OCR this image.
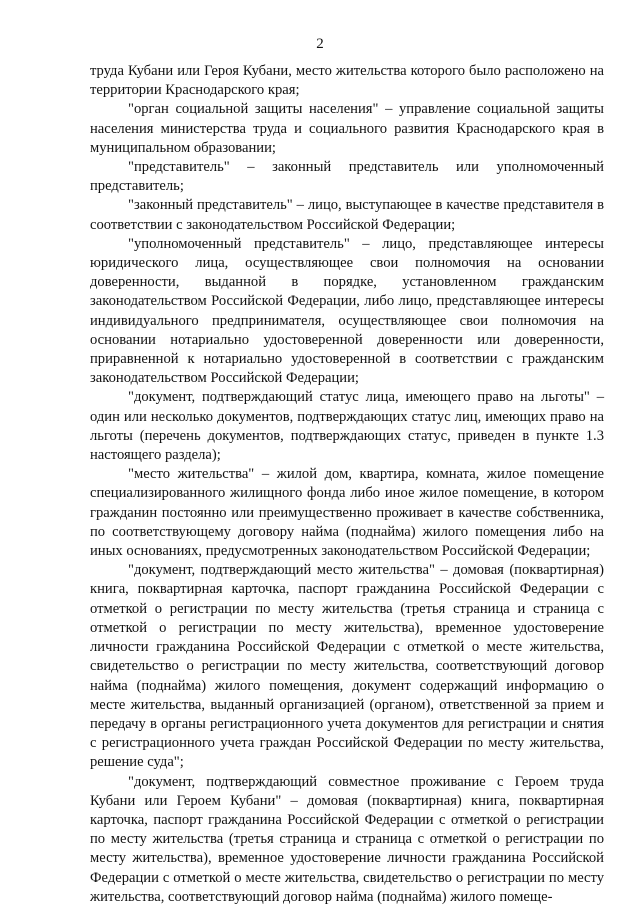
2

труда Кубани или Героя Кубани, место жительства которого было расположено на территории Краснодарского края;

"орган социальной защиты населения" – управление социальной защиты населения министерства труда и социального развития Краснодарского края в муниципальном образовании;

"представитель" – законный представитель или уполномоченный представитель;

"законный представитель" – лицо, выступающее в качестве представителя в соответствии с законодательством Российской Федерации;

"уполномоченный представитель" – лицо, представляющее интересы юридического лица, осуществляющее свои полномочия на основании доверенности, выданной в порядке, установленном гражданским законодательством Российской Федерации, либо лицо, представляющее интересы индивидуального предпринимателя, осуществляющее свои полномочия на основании нотариально удостоверенной доверенности или доверенности, приравненной к нотариально удостоверенной в соответствии с гражданским законодательством Российской Федерации;

"документ, подтверждающий статус лица, имеющего право на льготы" – один или несколько документов, подтверждающих статус лиц, имеющих право на льготы (перечень документов, подтверждающих статус, приведен в пункте 1.3 настоящего раздела);

"место жительства" – жилой дом, квартира, комната, жилое помещение специализированного жилищного фонда либо иное жилое помещение, в котором гражданин постоянно или преимущественно проживает в качестве собственника, по соответствующему договору найма (поднайма) жилого помещения либо на иных основаниях, предусмотренных законодательством Российской Федерации;

"документ, подтверждающий место жительства" – домовая (поквартирная) книга, поквартирная карточка, паспорт гражданина Российской Федерации с отметкой о регистрации по месту жительства (третья страница и страница с отметкой о регистрации по месту жительства), временное удостоверение личности гражданина Российской Федерации с отметкой о месте жительства, свидетельство о регистрации по месту жительства, соответствующий договор найма (поднайма) жилого помещения, документ содержащий информацию о месте жительства, выданный организацией (органом), ответственной за прием и передачу в органы регистрационного учета документов для регистрации и снятия с регистрационного учета граждан Российской Федерации по месту жительства, решение суда";

"документ, подтверждающий совместное проживание с Героем труда Кубани или Героем Кубани" – домовая (поквартирная) книга, поквартирная карточка, паспорт гражданина Российской Федерации с отметкой о регистрации по месту жительства (третья страница и страница с отметкой о регистрации по месту жительства), временное удостоверение личности гражданина Российской Федерации с отметкой о месте жительства, свидетельство о регистрации по месту жительства, соответствующий договор найма (поднайма) жилого помеще-
